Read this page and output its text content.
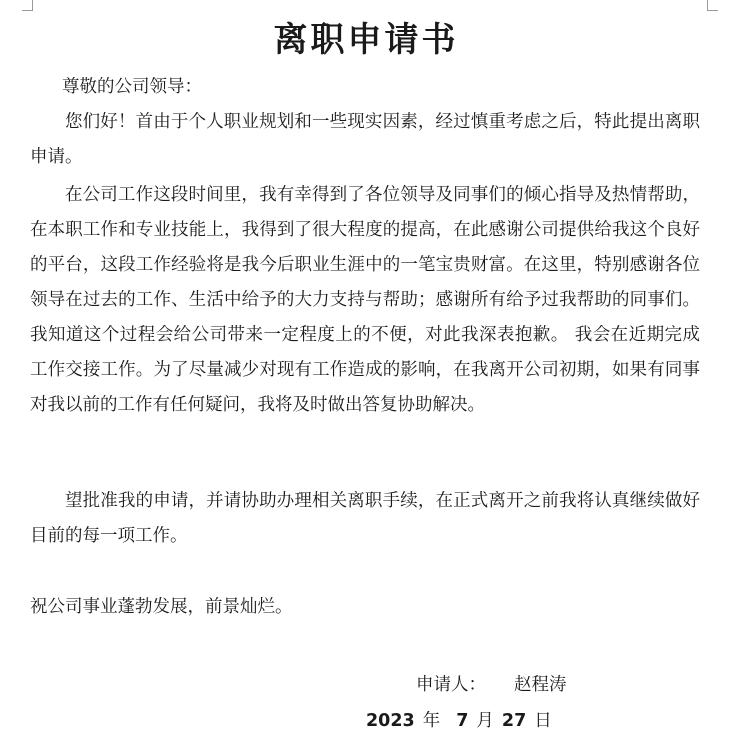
离职申请书
尊敬的公司领导：

您们好！首由于个人职业规划和一些现实因素，经过慎重考虑之后，特此提出离职申请。

在公司工作这段时间里，我有幸得到了各位领导及同事们的倾心指导及热情帮助，在本职工作和专业技能上，我得到了很大程度的提高，在此感谢公司提供给我这个良好的平台，这段工作经验将是我今后职业生涯中的一笔宝贵财富。在这里，特别感谢各位领导在过去的工作、生活中给予的大力支持与帮助；感谢所有给予过我帮助的同事们。我知道这个过程会给公司带来一定程度上的不便，对此我深表抱歉。 我会在近期完成工作交接工作。为了尽量减少对现有工作造成的影响，在我离开公司初期，如果有同事对我以前的工作有任何疑问，我将及时做出答复协助解决。

望批准我的申请，并请协助办理相关离职手续，在正式离开之前我将认真继续做好目前的每一项工作。

祝公司事业蓬勃发展，前景灿烂。
申请人： 赵程涛
2023 年 7 月 27 日
